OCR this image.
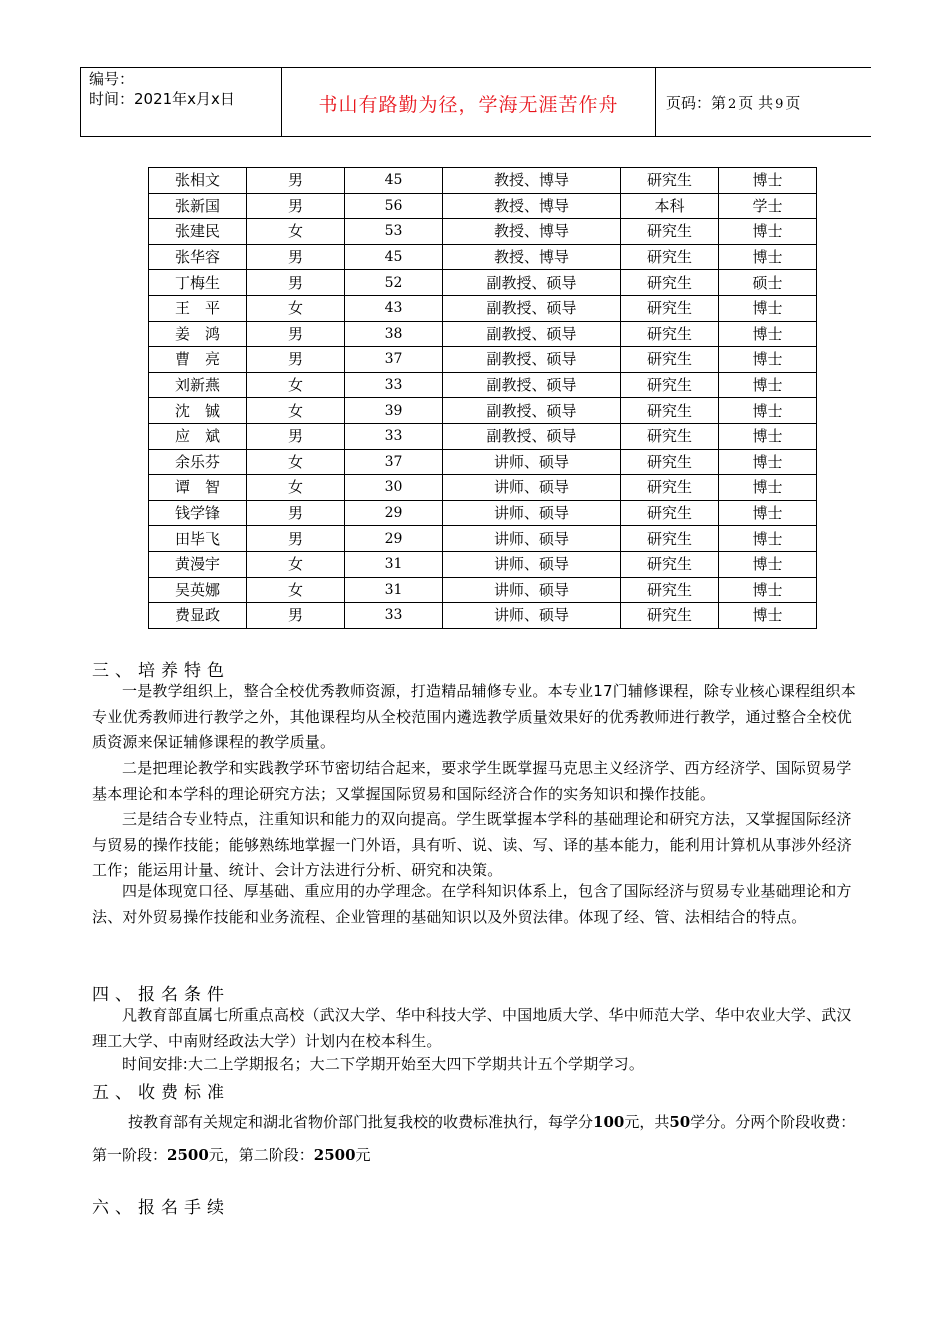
编号：
时间：2021年x月x日	书山有路勤为径，学海无涯苦作舟	页码：第 2 页 共 9 页
张相文	男	45	教授、博导	研究生	博士
张新国	男	56	教授、博导	本科	学士
张建民	女	53	教授、博导	研究生	博士
张华容	男	45	教授、博导	研究生	博士
丁梅生	男	52	副教授、硕导	研究生	硕士
王　平	女	43	副教授、硕导	研究生	博士
姜　鸿	男	38	副教授、硕导	研究生	博士
曹　亮	男	37	副教授、硕导	研究生	博士
刘新燕	女	33	副教授、硕导	研究生	博士
沈　铖	女	39	副教授、硕导	研究生	博士
应　斌	男	33	副教授、硕导	研究生	博士
余乐芬	女	37	讲师、硕导	研究生	博士
谭　智	女	30	讲师、硕导	研究生	博士
钱学锋	男	29	讲师、硕导	研究生	博士
田毕飞	男	29	讲师、硕导	研究生	博士
黄漫宇	女	31	讲师、硕导	研究生	博士
吴英娜	女	31	讲师、硕导	研究生	博士
费显政	男	33	讲师、硕导	研究生	博士
三、培养特色
一是教学组织上，整合全校优秀教师资源，打造精品辅修专业。本专业17门辅修课程，除专业核心课程组织本专业优秀教师进行教学之外，其他课程均从全校范围内遴选教学质量效果好的优秀教师进行教学，通过整合全校优质资源来保证辅修课程的教学质量。
二是把理论教学和实践教学环节密切结合起来，要求学生既掌握马克思主义经济学、西方经济学、国际贸易学基本理论和本学科的理论研究方法；又掌握国际贸易和国际经济合作的实务知识和操作技能。
三是结合专业特点，注重知识和能力的双向提高。学生既掌握本学科的基础理论和研究方法，又掌握国际经济与贸易的操作技能；能够熟练地掌握一门外语，具有听、说、读、写、译的基本能力，能利用计算机从事涉外经济工作；能运用计量、统计、会计方法进行分析、研究和决策。
四是体现宽口径、厚基础、重应用的办学理念。在学科知识体系上，包含了国际经济与贸易专业基础理论和方法、对外贸易操作技能和业务流程、企业管理的基础知识以及外贸法律。体现了经、管、法相结合的特点。
四、报名条件
凡教育部直属七所重点高校（武汉大学、华中科技大学、中国地质大学、华中师范大学、华中农业大学、武汉理工大学、中南财经政法大学）计划内在校本科生。
时间安排:大二上学期报名；大二下学期开始至大四下学期共计五个学期学习。
五、收费标准
按教育部有关规定和湖北省物价部门批复我校的收费标准执行，每学分100元，共50学分。分两个阶段收费：第一阶段：2500元，第二阶段：2500元
六、报名手续
